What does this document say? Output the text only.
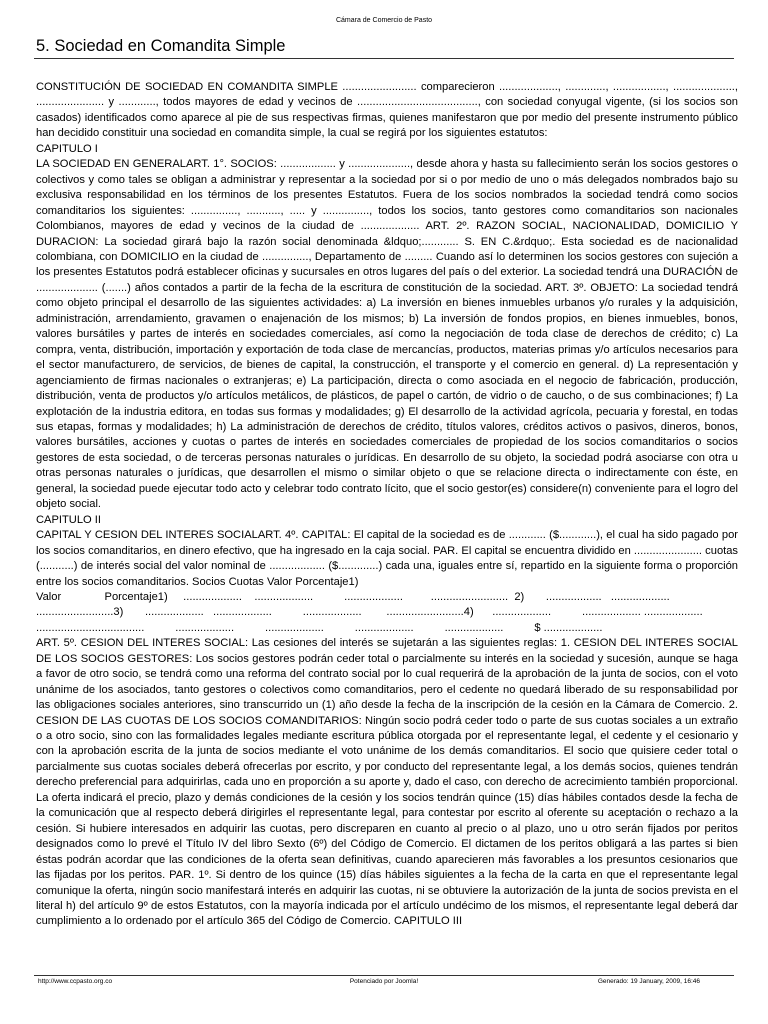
Cámara de Comercio de Pasto
5. Sociedad en Comandita Simple

CONSTITUCIÓN DE SOCIEDAD EN COMANDITA SIMPLE ........................ comparecieron ..................., ............., ................., ...................., ...................... y ............, todos mayores de edad y vecinos de ......................................., con sociedad conyugal vigente, (si los socios son casados) identificados como aparece al pie de sus respectivas firmas, quienes manifestaron que por medio del presente instrumento público han decidido constituir una sociedad en comandita simple, la cual se regirá por los siguientes estatutos:

CAPITULO I

LA SOCIEDAD EN GENERALART. 1°. SOCIOS: .................. y ...................., desde ahora y hasta su fallecimiento serán los socios gestores o colectivos y como tales se obligan a administrar y representar a la sociedad por si o por medio de uno o más delegados nombrados bajo su exclusiva responsabilidad en los términos de los presentes Estatutos. Fuera de los socios nombrados la sociedad tendrá como socios comanditarios los siguientes: ..............., ..........., ..... y ..............., todos los socios, tanto gestores como comanditarios son nacionales Colombianos, mayores de edad y vecinos de la ciudad de ................... ART. 2º. RAZON SOCIAL, NACIONALIDAD, DOMICILIO Y DURACION: La sociedad girará bajo la razón social denominada &ldquo;............ S. EN C.&rdquo;. Esta sociedad es de nacionalidad colombiana, con DOMICILIO en la ciudad de ..............., Departamento de ......... Cuando así lo determinen los socios gestores con sujeción a los presentes Estatutos podrá establecer oficinas y sucursales en otros lugares del país o del exterior. La sociedad tendrá una DURACIÓN de .................... (.......) años contados a partir de la fecha de la escritura de constitución de la sociedad. ART. 3º. OBJETO: La sociedad tendrá como objeto principal el desarrollo de las siguientes actividades: a) La inversión en bienes inmuebles urbanos y/o rurales y la adquisición, administración, arrendamiento, gravamen o enajenación de los mismos; b) La inversión de fondos propios, en bienes inmuebles, bonos, valores bursátiles y partes de interés en sociedades comerciales, así como la negociación de toda clase de derechos de crédito; c) La compra, venta, distribución, importación y exportación de toda clase de mercancías, productos, materias primas y/o artículos necesarios para el sector manufacturero, de servicios, de bienes de capital, la construcción, el transporte y el comercio en general. d) La representación y agenciamiento de firmas nacionales o extranjeras; e) La participación, directa o como asociada en el negocio de fabricación, producción, distribución, venta de productos y/o artículos metálicos, de plásticos, de papel o cartón, de vidrio o de caucho, o de sus combinaciones; f) La explotación de la industria editora, en todas sus formas y modalidades; g) El desarrollo de la actividad agrícola, pecuaria y forestal, en todas sus etapas, formas y modalidades; h) La administración de derechos de crédito, títulos valores, créditos activos o pasivos, dineros, bonos, valores bursátiles, acciones y cuotas o partes de interés en sociedades comerciales de propiedad de los socios comanditarios o socios gestores de esta sociedad, o de terceras personas naturales o jurídicas. En desarrollo de su objeto, la sociedad podrá asociarse con otra u otras personas naturales o jurídicas, que desarrollen el mismo o similar objeto o que se relacione directa o indirectamente con éste, en general, la sociedad puede ejecutar todo acto y celebrar todo contrato lícito, que el socio gestor(es) considere(n) conveniente para el logro del objeto social.

CAPITULO II

CAPITAL Y CESION DEL INTERES SOCIALART. 4º. CAPITAL: El capital de la sociedad es de ............ ($............), el cual ha sido pagado por los socios comanditarios, en dinero efectivo, que ha ingresado en la caja social. PAR. El capital se encuentra dividido en ...................... cuotas (...........) de interés social del valor nominal de .................. ($.............) cada una, iguales entre sí, repartido en la siguiente forma o proporción entre los socios comanditarios. Socios Cuotas Valor Porcentaje1)

Valor              Porcentaje1)     ...................    ...................          ...................         .........................  2)       ..................   ...................
.........................3)       ...................   ...................          ...................        .........................4)      ...................          ................... ...................
...................................          ...................          ...................          ...................          ...................          $ ...................

ART. 5º. CESION DEL INTERES SOCIAL: Las cesiones del interés se sujetarán a las siguientes reglas: 1. CESION DEL INTERES SOCIAL DE LOS SOCIOS GESTORES: Los socios gestores podrán ceder total o parcialmente su interés en la sociedad y sucesión, aunque se haga a favor de otro socio, se tendrá como una reforma del contrato social por lo cual requerirá de la aprobación de la junta de socios, con el voto unánime de los asociados, tanto gestores o colectivos como comanditarios, pero el cedente no quedará liberado de su responsabilidad por las obligaciones sociales anteriores, sino transcurrido un (1) año desde la fecha de la inscripción de la cesión en la Cámara de Comercio. 2. CESION DE LAS CUOTAS DE LOS SOCIOS COMANDITARIOS: Ningún socio podrá ceder todo o parte de sus cuotas sociales a un extraño o a otro socio, sino con las formalidades legales mediante escritura pública otorgada por el representante legal, el cedente y el cesionario y con la aprobación escrita de la junta de socios mediante el voto unánime de los demás comanditarios. El socio que quisiere ceder total o parcialmente sus cuotas sociales deberá ofrecerlas por escrito, y por conducto del representante legal, a los demás socios, quienes tendrán derecho preferencial para adquirirlas, cada uno en proporción a su aporte y, dado el caso, con derecho de acrecimiento también proporcional. La oferta indicará el precio, plazo y demás condiciones de la cesión y los socios tendrán quince (15) días hábiles contados desde la fecha de la comunicación que al respecto deberá dirigirles el representante legal, para contestar por escrito al oferente su aceptación o rechazo a la cesión. Si hubiere interesados en adquirir las cuotas, pero discreparen en cuanto al precio o al plazo, uno u otro serán fijados por peritos designados como lo prevé el Título IV del libro Sexto (6º) del Código de Comercio. El dictamen de los peritos obligará a las partes si bien éstas podrán acordar que las condiciones de la oferta sean definitivas, cuando aparecieren más favorables a los presuntos cesionarios que las fijadas por los peritos. PAR. 1º. Si dentro de los quince (15) días hábiles siguientes a la fecha de la carta en que el representante legal comunique la oferta, ningún socio manifestará interés en adquirir las cuotas, ni se obtuviere la autorización de la junta de socios prevista en el literal h) del artículo 9º de estos Estatutos, con la mayoría indicada por el artículo undécimo de los mismos, el representante legal deberá dar cumplimiento a lo ordenado por el artículo 365 del Código de Comercio. CAPITULO III

http://www.ccpasto.org.co	Potenciado por Joomla!	Generado: 19 January, 2009, 16:46
